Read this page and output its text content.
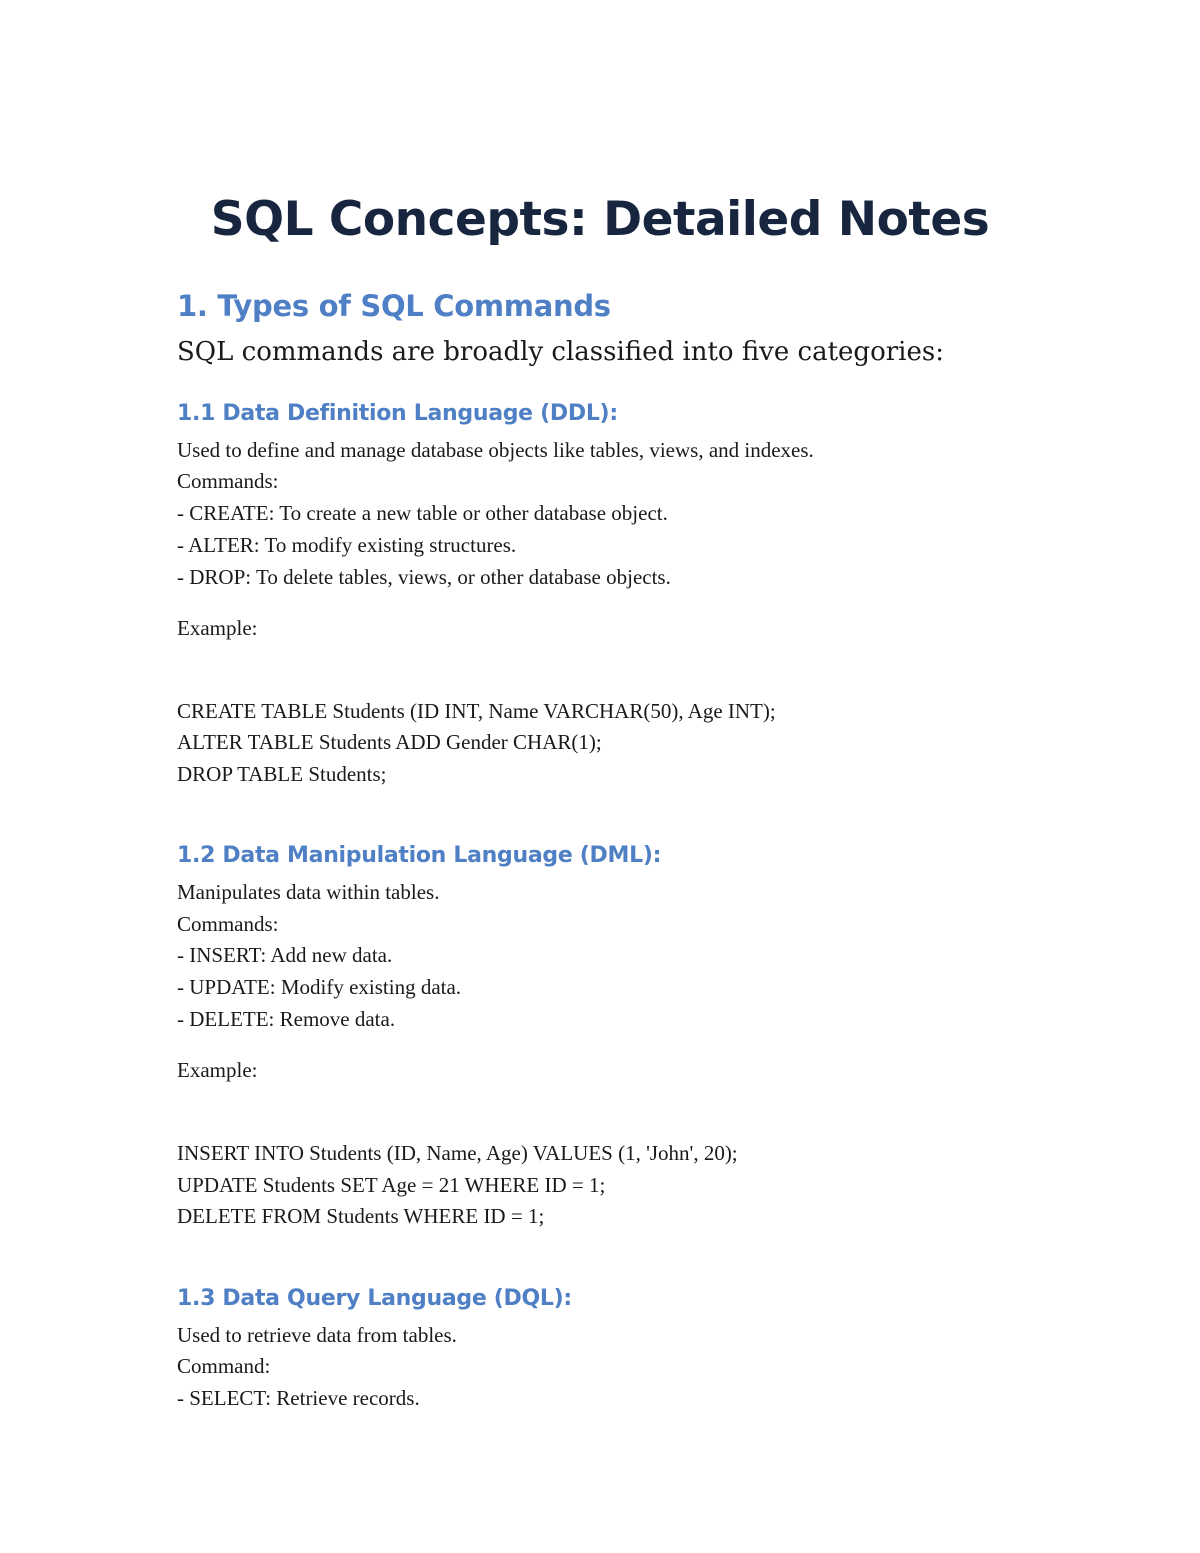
SQL Concepts: Detailed Notes
1. Types of SQL Commands
SQL commands are broadly classified into five categories:
1.1 Data Definition Language (DDL):
Used to define and manage database objects like tables, views, and indexes.
Commands:
- CREATE: To create a new table or other database object.
- ALTER: To modify existing structures.
- DROP: To delete tables, views, or other database objects.
Example:
CREATE TABLE Students (ID INT, Name VARCHAR(50), Age INT);
ALTER TABLE Students ADD Gender CHAR(1);
DROP TABLE Students;
1.2 Data Manipulation Language (DML):
Manipulates data within tables.
Commands:
- INSERT: Add new data.
- UPDATE: Modify existing data.
- DELETE: Remove data.
Example:
INSERT INTO Students (ID, Name, Age) VALUES (1, 'John', 20);
UPDATE Students SET Age = 21 WHERE ID = 1;
DELETE FROM Students WHERE ID = 1;
1.3 Data Query Language (DQL):
Used to retrieve data from tables.
Command:
- SELECT: Retrieve records.
